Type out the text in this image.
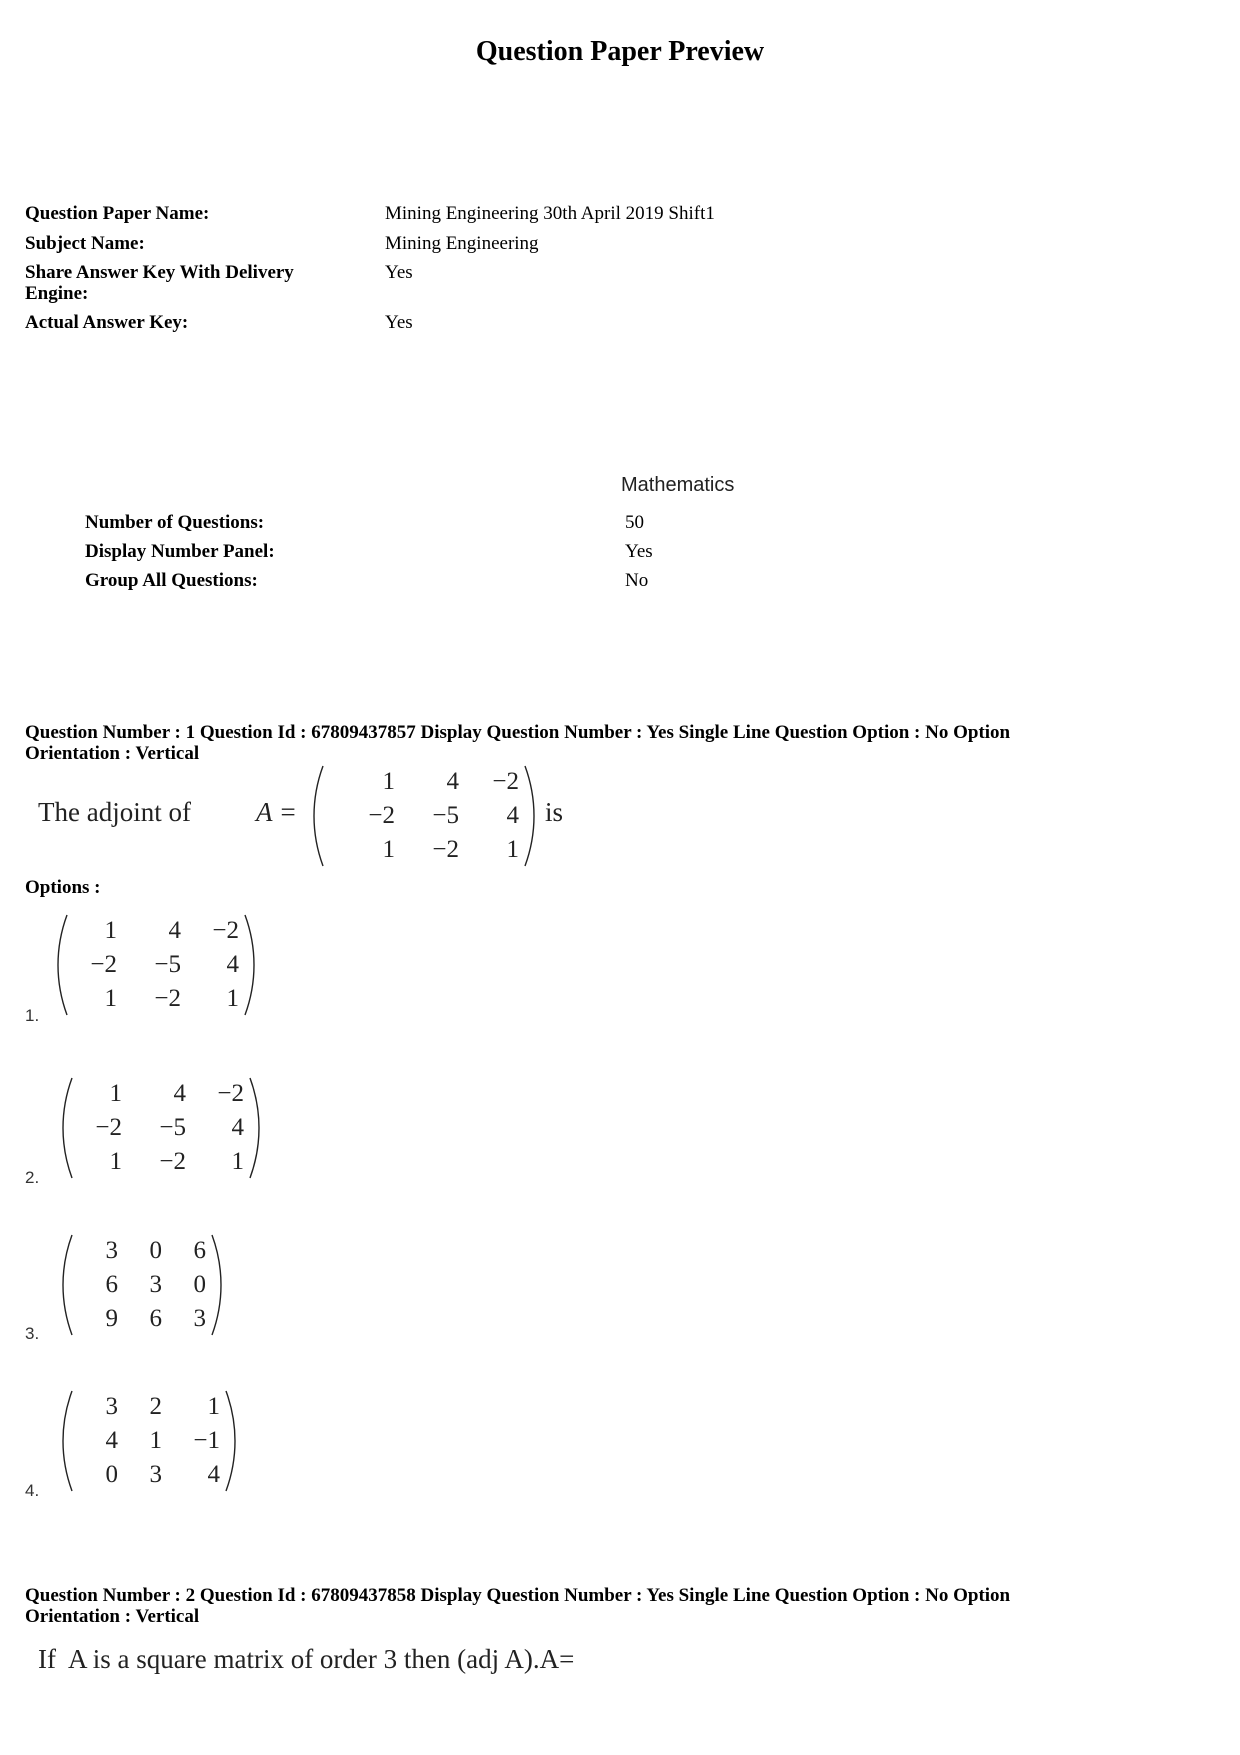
Question Paper Preview
Question Paper Name:	Mining Engineering 30th April 2019 Shift1
Subject Name:	Mining Engineering
Share Answer Key With Delivery
Engine:
Yes
Actual Answer Key:	Yes
Mathematics
Number of Questions:	50
Display Number Panel:	Yes
Group All Questions:	No
Question Number : 1 Question Id : 67809437857 Display Question Number : Yes Single Line Question Option : No Option
Orientation : Vertical
The adjoint of A =
1	4	−2
−2	−5	4
1	−2	1
is
Options :
1	4	−2
−2	−5	4
1	−2	1
1.
1	4	−2
−2	−5	4
1	−2	1
2.
3	0	6
6	3	0
9	6	3
3.
3	2	1
4	1	−1
0	3	4
4.
Question Number : 2 Question Id : 67809437858 Display Question Number : Yes Single Line Question Option : No Option
Orientation : Vertical
If  A is a square matrix of order 3 then (adj A).A=
